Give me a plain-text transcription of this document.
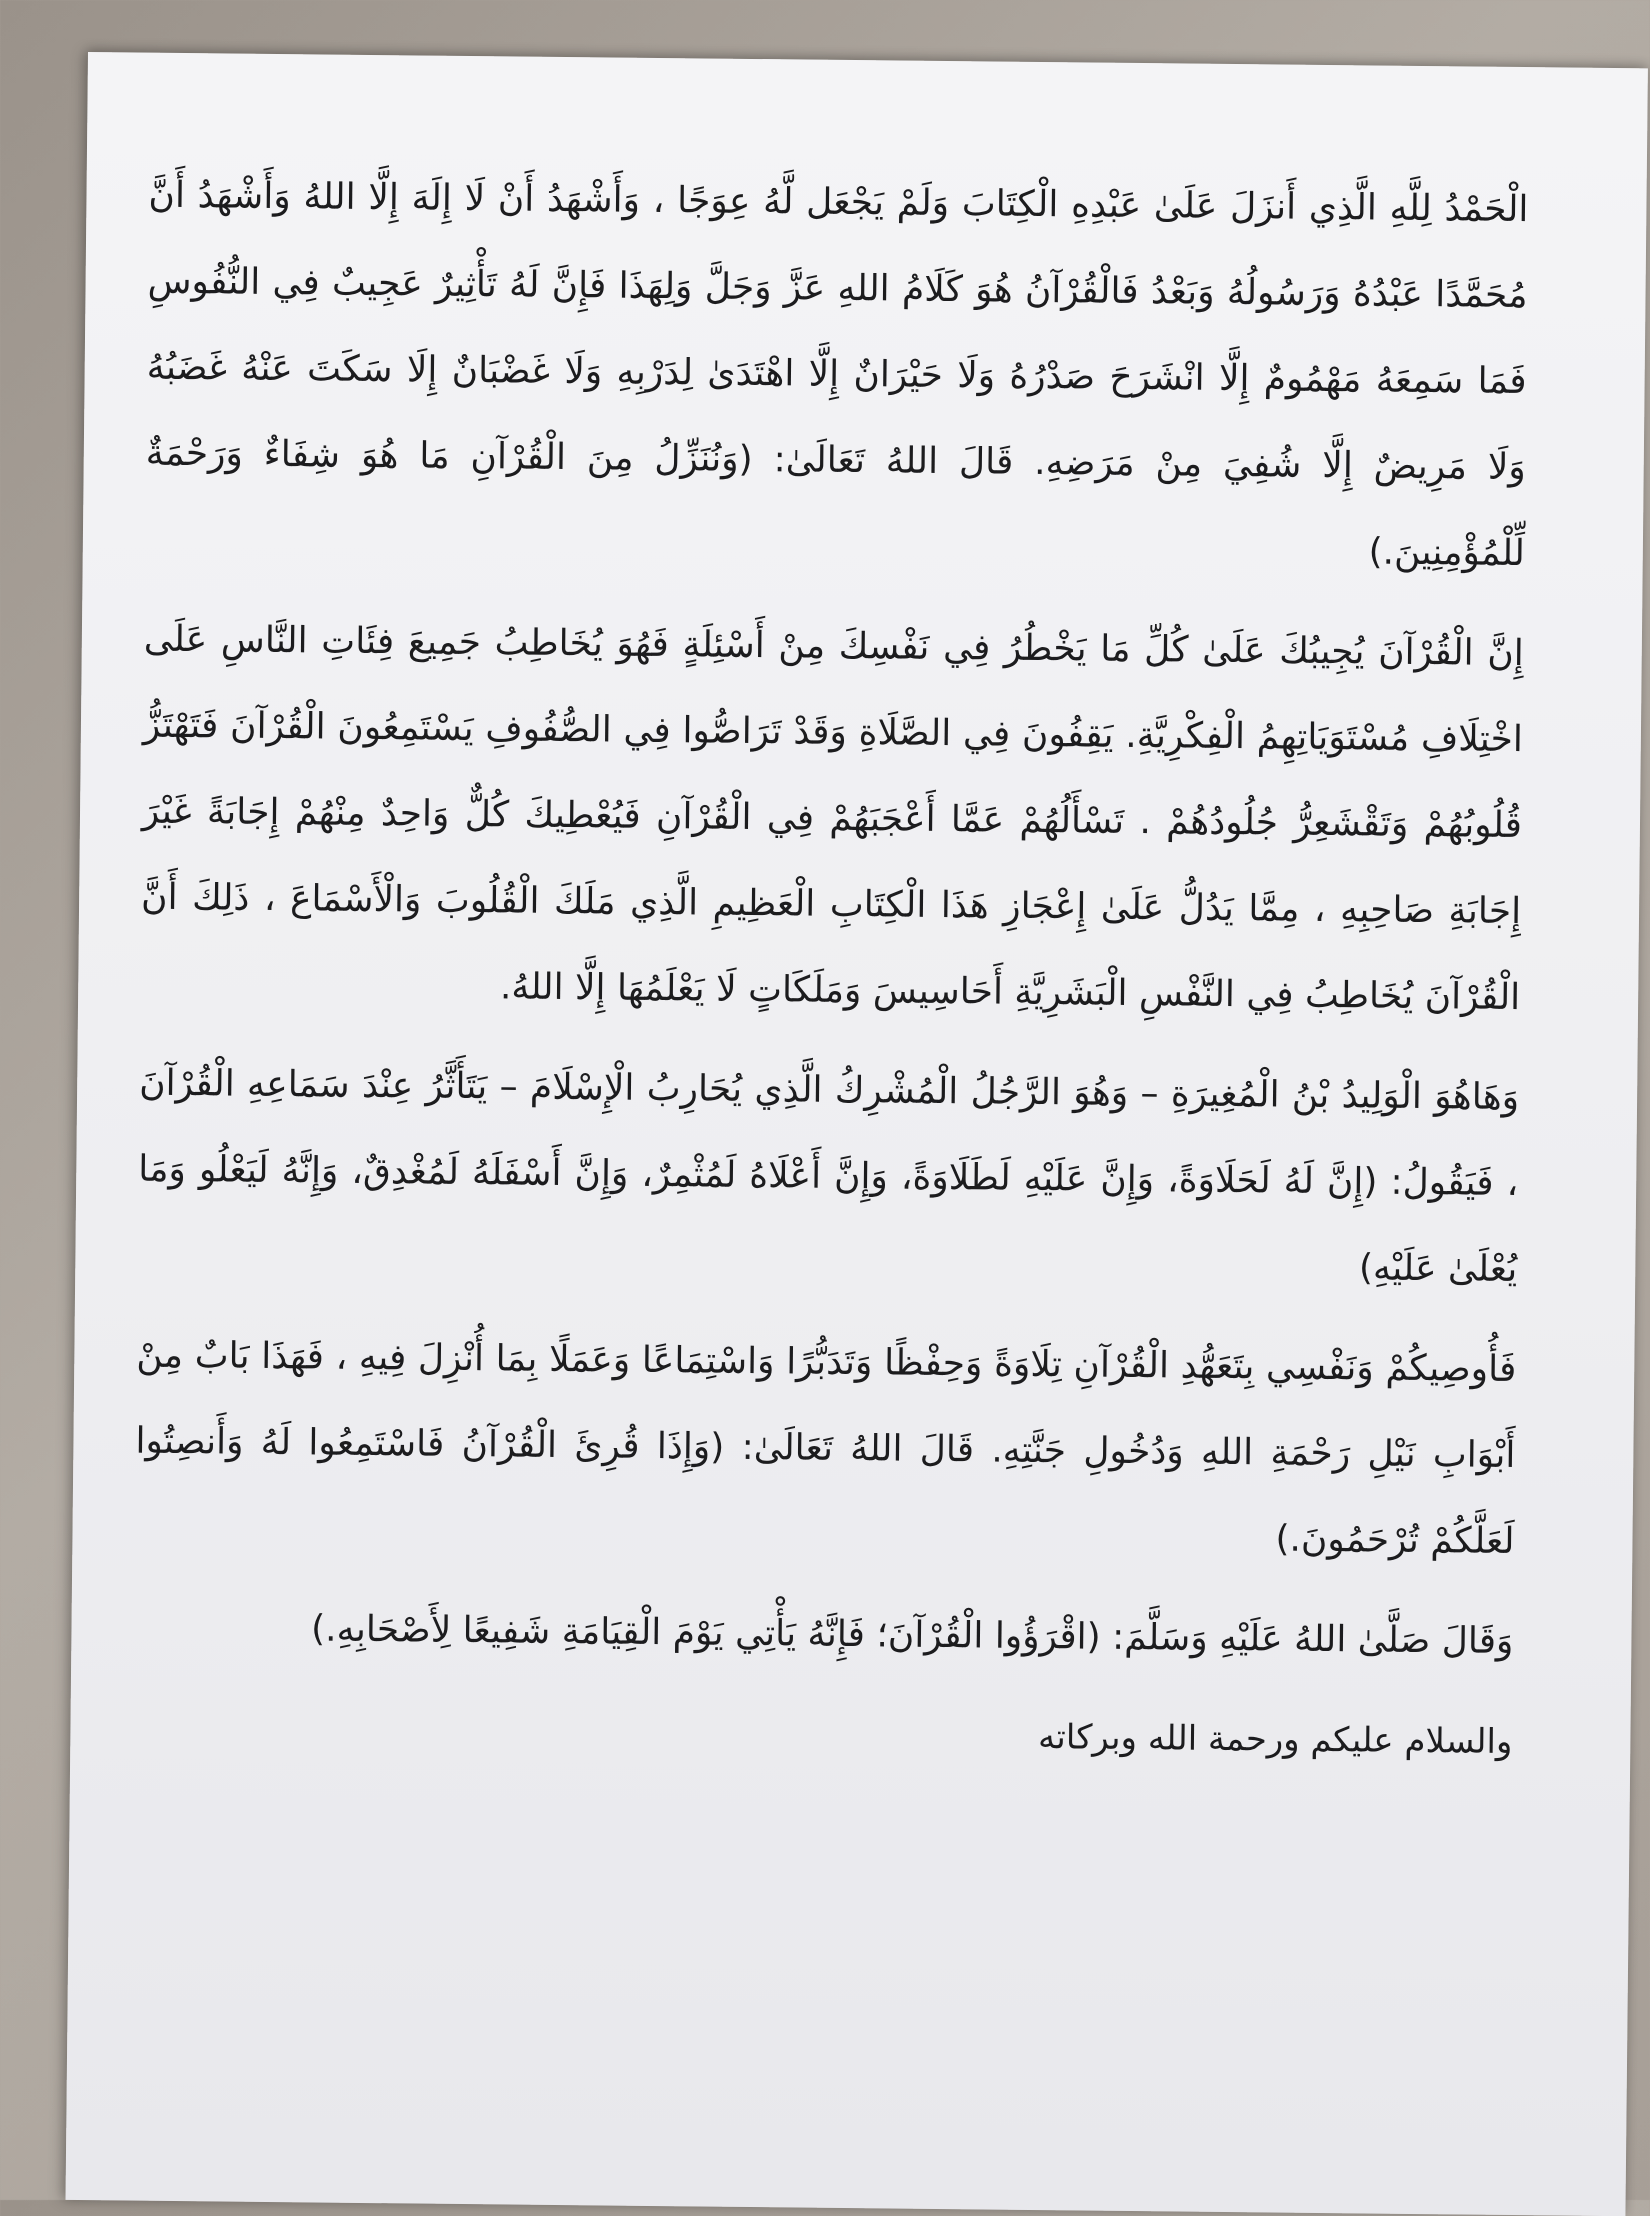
الْحَمْدُ لِلَّهِ الَّذِي أَنزَلَ عَلَىٰ عَبْدِهِ الْكِتَابَ وَلَمْ يَجْعَل لَّهُ عِوَجًا ، وَأَشْهَدُ أَنْ لَا إِلَهَ إِلَّا اللهُ وَأَشْهَدُ أَنَّ مُحَمَّدًا عَبْدُهُ وَرَسُولُهُ وَبَعْدُ فَالْقُرْآنُ هُوَ كَلَامُ اللهِ عَزَّ وَجَلَّ وَلِهَذَا فَإِنَّ لَهُ تَأْثِيرٌ عَجِيبٌ فِي النُّفُوسِ فَمَا سَمِعَهُ مَهْمُومٌ إِلَّا انْشَرَحَ صَدْرُهُ وَلَا حَيْرَانٌ إِلَّا اهْتَدَىٰ لِدَرْبِهِ وَلَا غَضْبَانٌ إِلَا سَكَتَ عَنْهُ غَضَبُهُ وَلَا مَرِيضٌ إِلَّا شُفِيَ مِنْ مَرَضِهِ. قَالَ اللهُ تَعَالَىٰ: (وَنُنَزِّلُ مِنَ الْقُرْآنِ مَا هُوَ شِفَاءٌ وَرَحْمَةٌ لِّلْمُؤْمِنِينَ.)

إِنَّ الْقُرْآنَ يُجِيبُكَ عَلَىٰ كُلِّ مَا يَخْطُرُ فِي نَفْسِكَ مِنْ أَسْئِلَةٍ فَهُوَ يُخَاطِبُ جَمِيعَ فِئَاتِ النَّاسِ عَلَى اخْتِلَافِ مُسْتَوَيَاتِهِمُ الْفِكْرِيَّةِ. يَقِفُونَ فِي الصَّلَاةِ وَقَدْ تَرَاصُّوا فِي الصُّفُوفِ يَسْتَمِعُونَ الْقُرْآنَ فَتَهْتَزُّ قُلُوبُهُمْ وَتَقْشَعِرُّ جُلُودُهُمْ . تَسْأَلُهُمْ عَمَّا أَعْجَبَهُمْ فِي الْقُرْآنِ فَيُعْطِيكَ كُلٌّ وَاحِدٌ مِنْهُمْ إِجَابَةً غَيْرَ إِجَابَةِ صَاحِبِهِ ، مِمَّا يَدُلُّ عَلَىٰ إِعْجَازِ هَذَا الْكِتَابِ الْعَظِيمِ الَّذِي مَلَكَ الْقُلُوبَ وَالْأَسْمَاعَ ، ذَلِكَ أَنَّ الْقُرْآنَ يُخَاطِبُ فِي النَّفْسِ الْبَشَرِيَّةِ أَحَاسِيسَ وَمَلَكَاتٍ لَا يَعْلَمُهَا إِلَّا اللهُ.

وَهَاهُوَ الْوَلِيدُ بْنُ الْمُغِيرَةِ – وَهُوَ الرَّجُلُ الْمُشْرِكُ الَّذِي يُحَارِبُ الْإِسْلَامَ – يَتَأَثَّرُ عِنْدَ سَمَاعِهِ الْقُرْآنَ ، فَيَقُولُ: (إِنَّ لَهُ لَحَلَاوَةً، وَإِنَّ عَلَيْهِ لَطَلَاوَةً، وَإِنَّ أَعْلَاهُ لَمُثْمِرٌ، وَإِنَّ أَسْفَلَهُ لَمُغْدِقٌ، وَإِنَّهُ لَيَعْلُو وَمَا يُعْلَىٰ عَلَيْهِ)

فَأُوصِيكُمْ وَنَفْسِي بِتَعَهُّدِ الْقُرْآنِ تِلَاوَةً وَحِفْظًا وَتَدَبُّرًا وَاسْتِمَاعًا وَعَمَلًا بِمَا أُنْزِلَ فِيهِ ، فَهَذَا بَابٌ مِنْ أَبْوَابِ نَيْلِ رَحْمَةِ اللهِ وَدُخُولِ جَنَّتِهِ. قَالَ اللهُ تَعَالَىٰ: (وَإِذَا قُرِئَ الْقُرْآنُ فَاسْتَمِعُوا لَهُ وَأَنصِتُوا لَعَلَّكُمْ تُرْحَمُونَ.)

وَقَالَ صَلَّىٰ اللهُ عَلَيْهِ وَسَلَّمَ: (اقْرَؤُوا الْقُرْآنَ؛ فَإِنَّهُ يَأْتِي يَوْمَ الْقِيَامَةِ شَفِيعًا لِأَصْحَابِهِ.)

والسلام عليكم ورحمة الله وبركاته
